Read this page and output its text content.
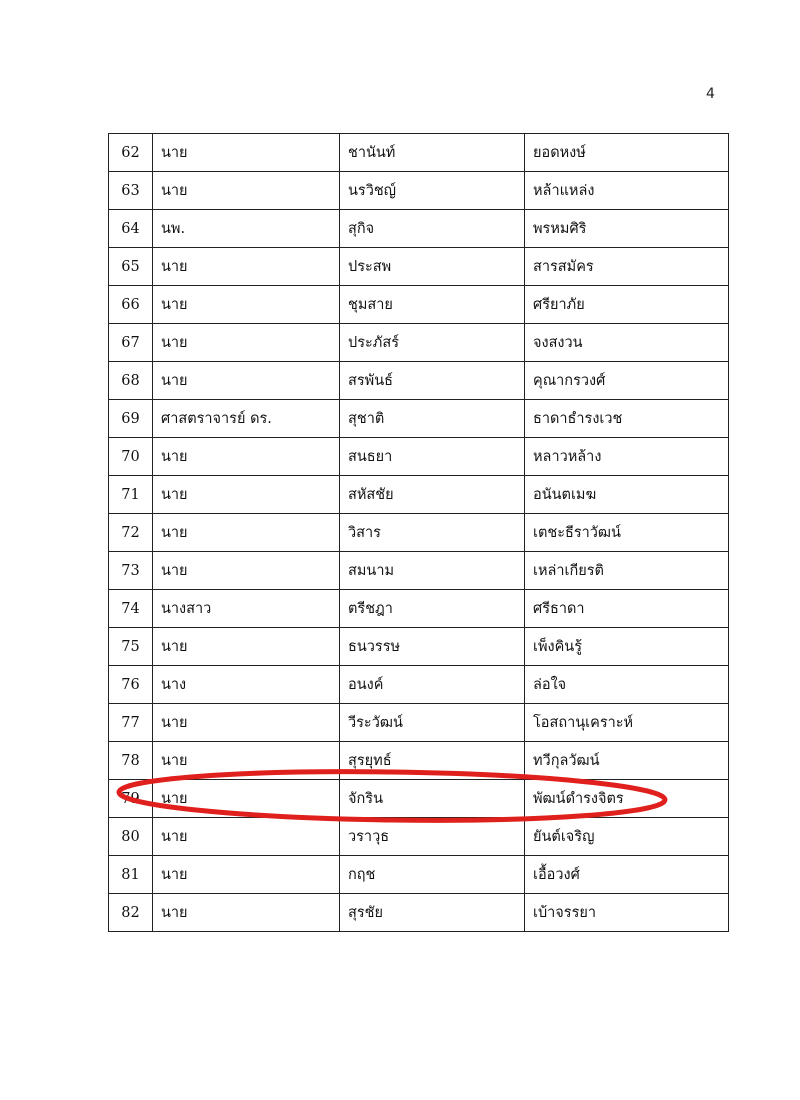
4
62	นาย	ชานันท์	ยอดหงษ์
63	นาย	นรวิชญ์	หล้าแหล่ง
64	นพ.	สุกิจ	พรหมศิริ
65	นาย	ประสพ	สารสมัคร
66	นาย	ชุมสาย	ศรียาภัย
67	นาย	ประภัสร์	จงสงวน
68	นาย	สรพันธ์	คุณากรวงศ์
69	ศาสตราจารย์ ดร.	สุชาติ	ธาดาธำรงเวช
70	นาย	สนธยา	หลาวหล้าง
71	นาย	สหัสชัย	อนันตเมฆ
72	นาย	วิสาร	เตชะธีราวัฒน์
73	นาย	สมนาม	เหล่าเกียรติ
74	นางสาว	ตรีชฎา	ศรีธาดา
75	นาย	ธนวรรษ	เพ็งคินรู้
76	นาง	อนงค์	ล่อใจ
77	นาย	วีระวัฒน์	โอสถานุเคราะห์
78	นาย	สุรยุทธ์	ทวีกุลวัฒน์
79	นาย	จักริน	พัฒน์ดำรงจิตร
80	นาย	วราวุธ	ยันต์เจริญ
81	นาย	กฤช	เอื้อวงศ์
82	นาย	สุรชัย	เบ้าจรรยา
